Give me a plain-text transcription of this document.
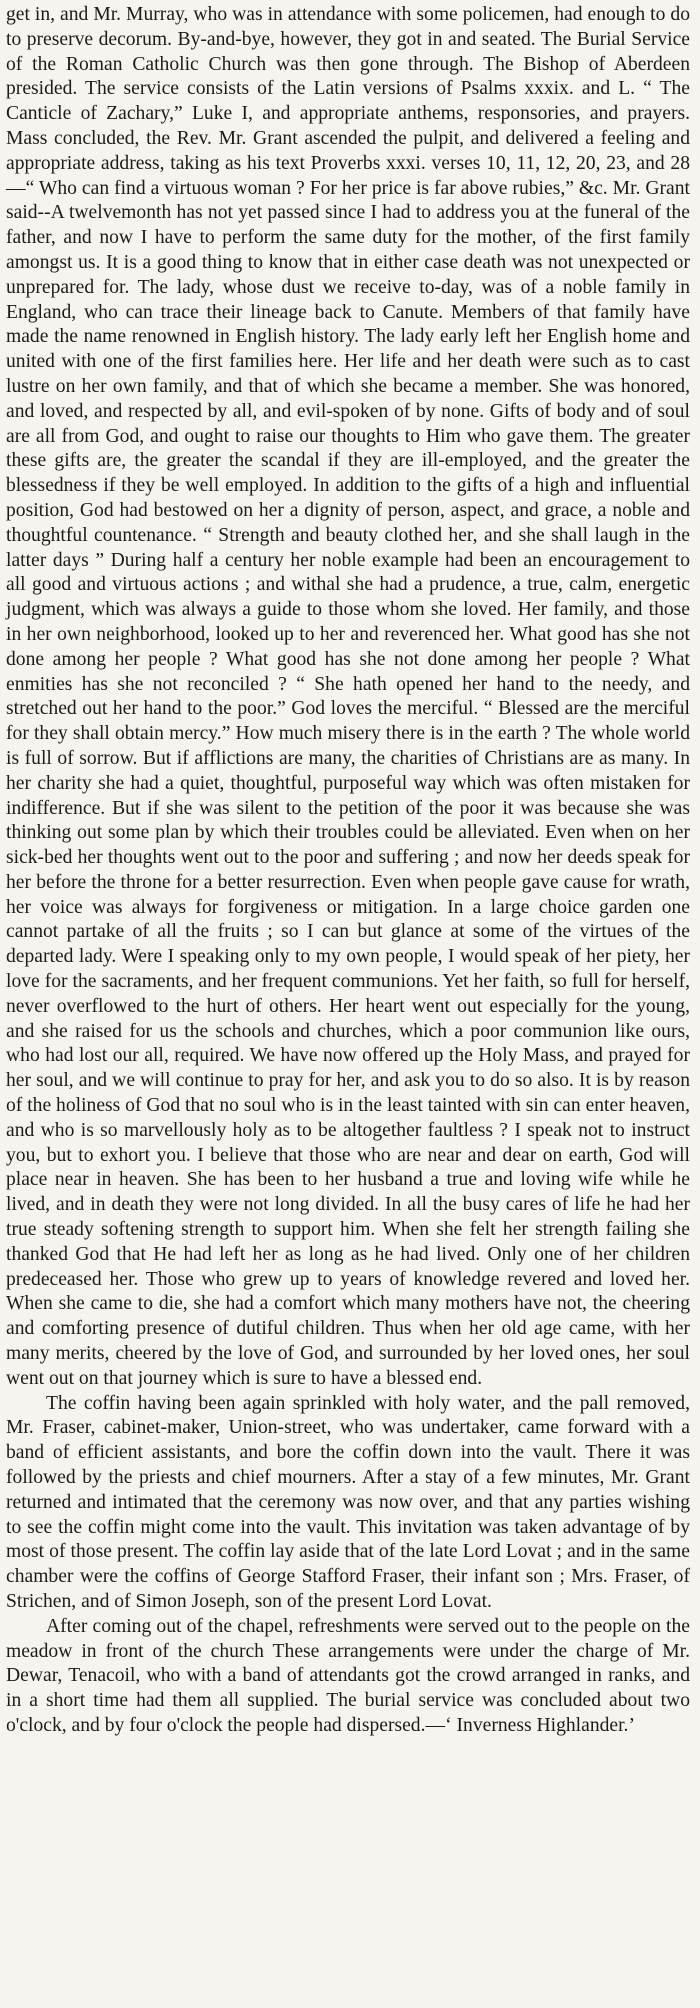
get in, and Mr. Murray, who was in attendance with some policemen, had enough to do to preserve decorum. By-and-bye, however, they got in and seated. The Burial Service of the Roman Catholic Church was then gone through. The Bishop of Aberdeen presided. The service consists of the Latin versions of Psalms xxxix. and L. “ The Canticle of Zachary,” Luke I, and appropriate anthems, responsories, and prayers. Mass concluded, the Rev. Mr. Grant ascended the pulpit, and delivered a feeling and appropriate address, taking as his text Proverbs xxxi. verses 10, 11, 12, 20, 23, and 28—“ Who can find a virtuous woman ? For her price is far above rubies,” &c. Mr. Grant said--A twelvemonth has not yet passed since I had to address you at the funeral of the father, and now I have to perform the same duty for the mother, of the first family amongst us. It is a good thing to know that in either case death was not unexpected or unprepared for. The lady, whose dust we receive to-day, was of a noble family in England, who can trace their lineage back to Canute. Members of that family have made the name renowned in English history. The lady early left her English home and united with one of the first families here. Her life and her death were such as to cast lustre on her own family, and that of which she became a member. She was honored, and loved, and respected by all, and evil-spoken of by none. Gifts of body and of soul are all from God, and ought to raise our thoughts to Him who gave them. The greater these gifts are, the greater the scandal if they are ill-employed, and the greater the blessedness if they be well employed. In addition to the gifts of a high and influential position, God had bestowed on her a dignity of person, aspect, and grace, a noble and thoughtful countenance. “ Strength and beauty clothed her, and she shall laugh in the latter days ” During half a century her noble example had been an encouragement to all good and virtuous actions ; and withal she had a prudence, a true, calm, energetic judgment, which was always a guide to those whom she loved. Her family, and those in her own neighborhood, looked up to her and reverenced her. What good has she not done among her people ? What good has she not done among her people ? What enmities has she not reconciled ? “ She hath opened her hand to the needy, and stretched out her hand to the poor.” God loves the merciful. “ Blessed are the merciful for they shall obtain mercy.” How much misery there is in the earth ? The whole world is full of sorrow. But if afflictions are many, the charities of Christians are as many. In her charity she had a quiet, thoughtful, purposeful way which was often mistaken for indifference. But if she was silent to the petition of the poor it was because she was thinking out some plan by which their troubles could be alleviated. Even when on her sick-bed her thoughts went out to the poor and suffering ; and now her deeds speak for her before the throne for a better resurrection. Even when people gave cause for wrath, her voice was always for forgiveness or mitigation. In a large choice garden one cannot partake of all the fruits ; so I can but glance at some of the virtues of the departed lady. Were I speaking only to my own people, I would speak of her piety, her love for the sacraments, and her frequent communions. Yet her faith, so full for herself, never overflowed to the hurt of others. Her heart went out especially for the young, and she raised for us the schools and churches, which a poor communion like ours, who had lost our all, required. We have now offered up the Holy Mass, and prayed for her soul, and we will continue to pray for her, and ask you to do so also. It is by reason of the holiness of God that no soul who is in the least tainted with sin can enter heaven, and who is so marvellously holy as to be altogether faultless ? I speak not to instruct you, but to exhort you. I believe that those who are near and dear on earth, God will place near in heaven. She has been to her husband a true and loving wife while he lived, and in death they were not long divided. In all the busy cares of life he had her true steady softening strength to support him. When she felt her strength failing she thanked God that He had left her as long as he had lived. Only one of her children predeceased her. Those who grew up to years of knowledge revered and loved her. When she came to die, she had a comfort which many mothers have not, the cheering and comforting presence of dutiful children. Thus when her old age came, with her many merits, cheered by the love of God, and surrounded by her loved ones, her soul went out on that journey which is sure to have a blessed end.

The coffin having been again sprinkled with holy water, and the pall removed, Mr. Fraser, cabinet-maker, Union-street, who was undertaker, came forward with a band of efficient assistants, and bore the coffin down into the vault. There it was followed by the priests and chief mourners. After a stay of a few minutes, Mr. Grant returned and intimated that the ceremony was now over, and that any parties wishing to see the coffin might come into the vault. This invitation was taken advantage of by most of those present. The coffin lay aside that of the late Lord Lovat ; and in the same chamber were the coffins of George Stafford Fraser, their infant son ; Mrs. Fraser, of Strichen, and of Simon Joseph, son of the present Lord Lovat.

After coming out of the chapel, refreshments were served out to the people on the meadow in front of the church These arrangements were under the charge of Mr. Dewar, Tenacoil, who with a band of attendants got the crowd arranged in ranks, and in a short time had them all supplied. The burial service was concluded about two o'clock, and by four o'clock the people had dispersed.—‘ Inverness Highlander.’
